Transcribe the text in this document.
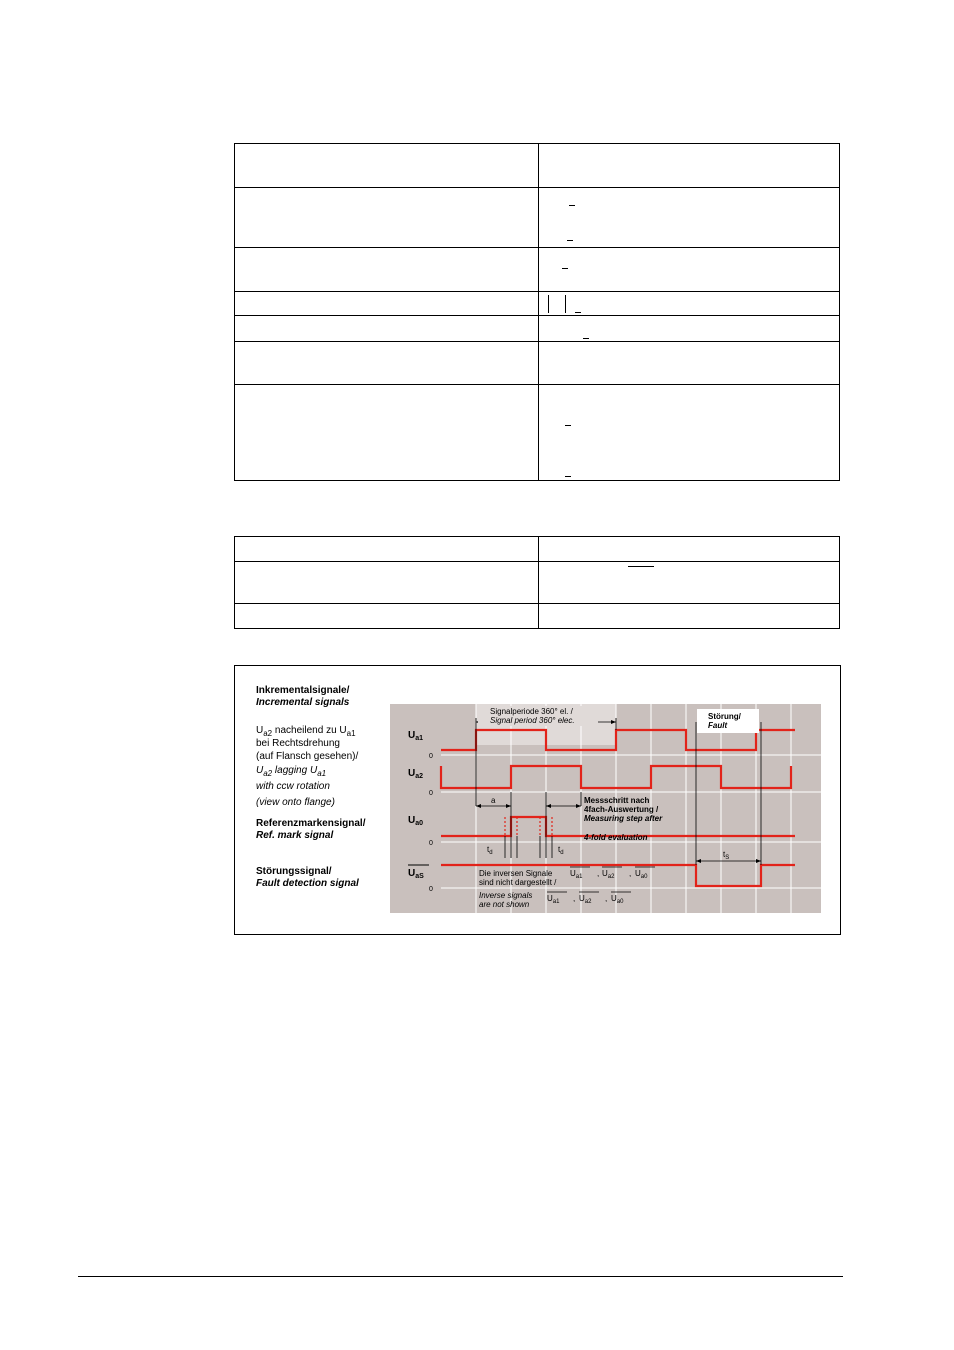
$U_{a1}$
$U_{a2}$
$U_{a0}$
$U_{aS}$
0
0
0
0
Signalperiode 360° el. /
Signal period 360° elec.	Störung/
Fault
a	Messschritt nach
4fach-Auswertung /
Measuring step after
4-fold evaluation
$t_d$	$t_d$	$t_S$
Die inversen Signale
sind nicht dargestellt /
Inverse signals
are not shown
$U_{a1}$ $U_{a2}$	$U_{a0}$
$U_{a1}$ $U_{a2}$ $U_{a0}$
,	,
,	,
Inkrementalsignale/
Incremental signals
$U_{a2}$ nacheilend zu $U_{a1}$
bei Rechtsdrehung
(auf Flansch gesehen)/
$U_{a2}$ lagging $U_{a1}$
with ccw rotation
(view onto flange)
Referenzmarkensignal/
Ref. mark signal
Störungssignal/
Fault detection signal
